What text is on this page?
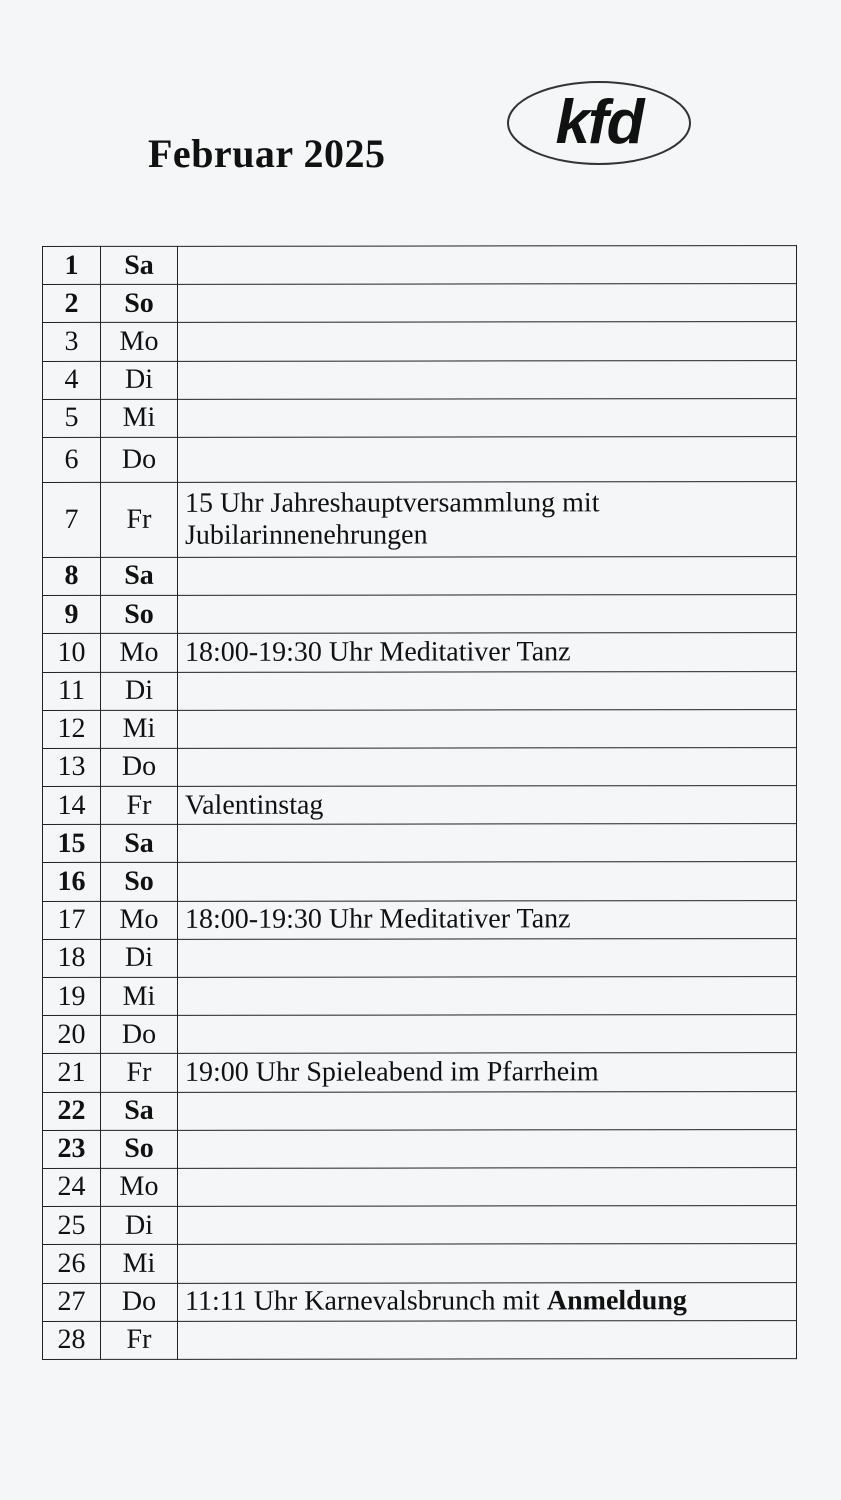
Februar 2025	kfd
1	Sa	
2	So	
3	Mo	
4	Di	
5	Mi	
6	Do	
7	Fr	15 Uhr Jahreshauptversammlung mit Jubilarinnenehrungen
8	Sa	
9	So	
10	Mo	18:00-19:30 Uhr Meditativer Tanz
11	Di	
12	Mi	
13	Do	
14	Fr	Valentinstag
15	Sa	
16	So	
17	Mo	18:00-19:30 Uhr Meditativer Tanz
18	Di	
19	Mi	
20	Do	
21	Fr	19:00 Uhr Spieleabend im Pfarrheim
22	Sa	
23	So	
24	Mo	
25	Di	
26	Mi	
27	Do	11:11 Uhr Karnevalsbrunch mit Anmeldung
28	Fr	
